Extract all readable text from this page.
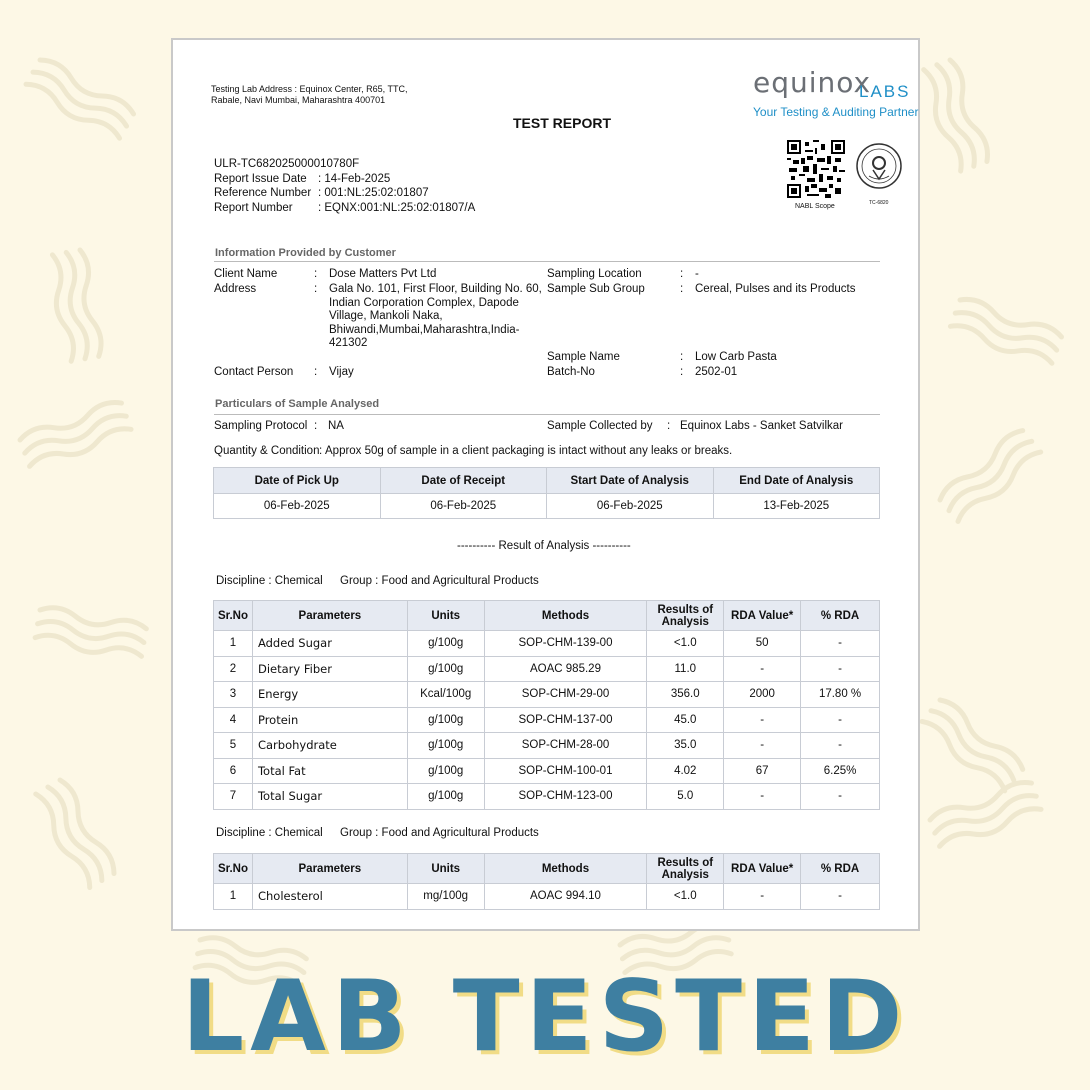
Testing Lab Address : Equinox Center, R65, TTC, Rabale, Navi Mumbai, Maharashtra 400701
TEST REPORT
equinox
LABS
Your Testing & Auditing Partner
NABL Scope	TC-6820
ULR-TC682025000010780F
Report Issue Date : 14-Feb-2025
Reference Number : 001:NL:25:02:01807
Report Number	: EQNX:001:NL:25:02:01807/A
Information Provided by Customer
Client Name	: Dose Matters Pvt Ltd
Address	: Gala No. 101, First Floor, Building No. 60, Indian Corporation Complex, Dapode Village, Mankoli Naka, Bhiwandi,Mumbai,Maharashtra,India-421302
Contact Person : Vijay
Sampling Location	: -
Sample Sub Group	: Cereal, Pulses and its Products
Sample Name	: Low Carb Pasta
Batch-No	: 2502-01
Particulars of Sample Analysed
Sampling Protocol : NA	Sample Collected by : Equinox Labs - Sanket Satvilkar
Quantity & Condition : Approx 50g of sample in a client packaging is intact without any leaks or breaks.
Date of Pick Up	Date of Receipt	Start Date of Analysis	End Date of Analysis
06-Feb-2025	06-Feb-2025	06-Feb-2025	13-Feb-2025
---------- Result of Analysis ----------
Discipline : Chemical Group : Food and Agricultural Products
Sr.No	Parameters	Units	Methods	Results of Analysis	RDA Value*	% RDA
1	Added Sugar	g/100g	SOP-CHM-139-00	<1.0	50	-
2	Dietary Fiber	g/100g	AOAC 985.29	11.0	-	-
3	Energy	Kcal/100g	SOP-CHM-29-00	356.0	2000	17.80 %
4	Protein	g/100g	SOP-CHM-137-00	45.0	-	-
5	Carbohydrate	g/100g	SOP-CHM-28-00	35.0	-	-
6	Total Fat	g/100g	SOP-CHM-100-01	4.02	67	6.25%
7	Total Sugar	g/100g	SOP-CHM-123-00	5.0	-	-
Discipline : Chemical Group : Food and Agricultural Products
Sr.No	Parameters	Units	Methods	Results of Analysis	RDA Value*	% RDA
1	Cholesterol	mg/100g	AOAC 994.10	<1.0	-	-
LAB TESTED
